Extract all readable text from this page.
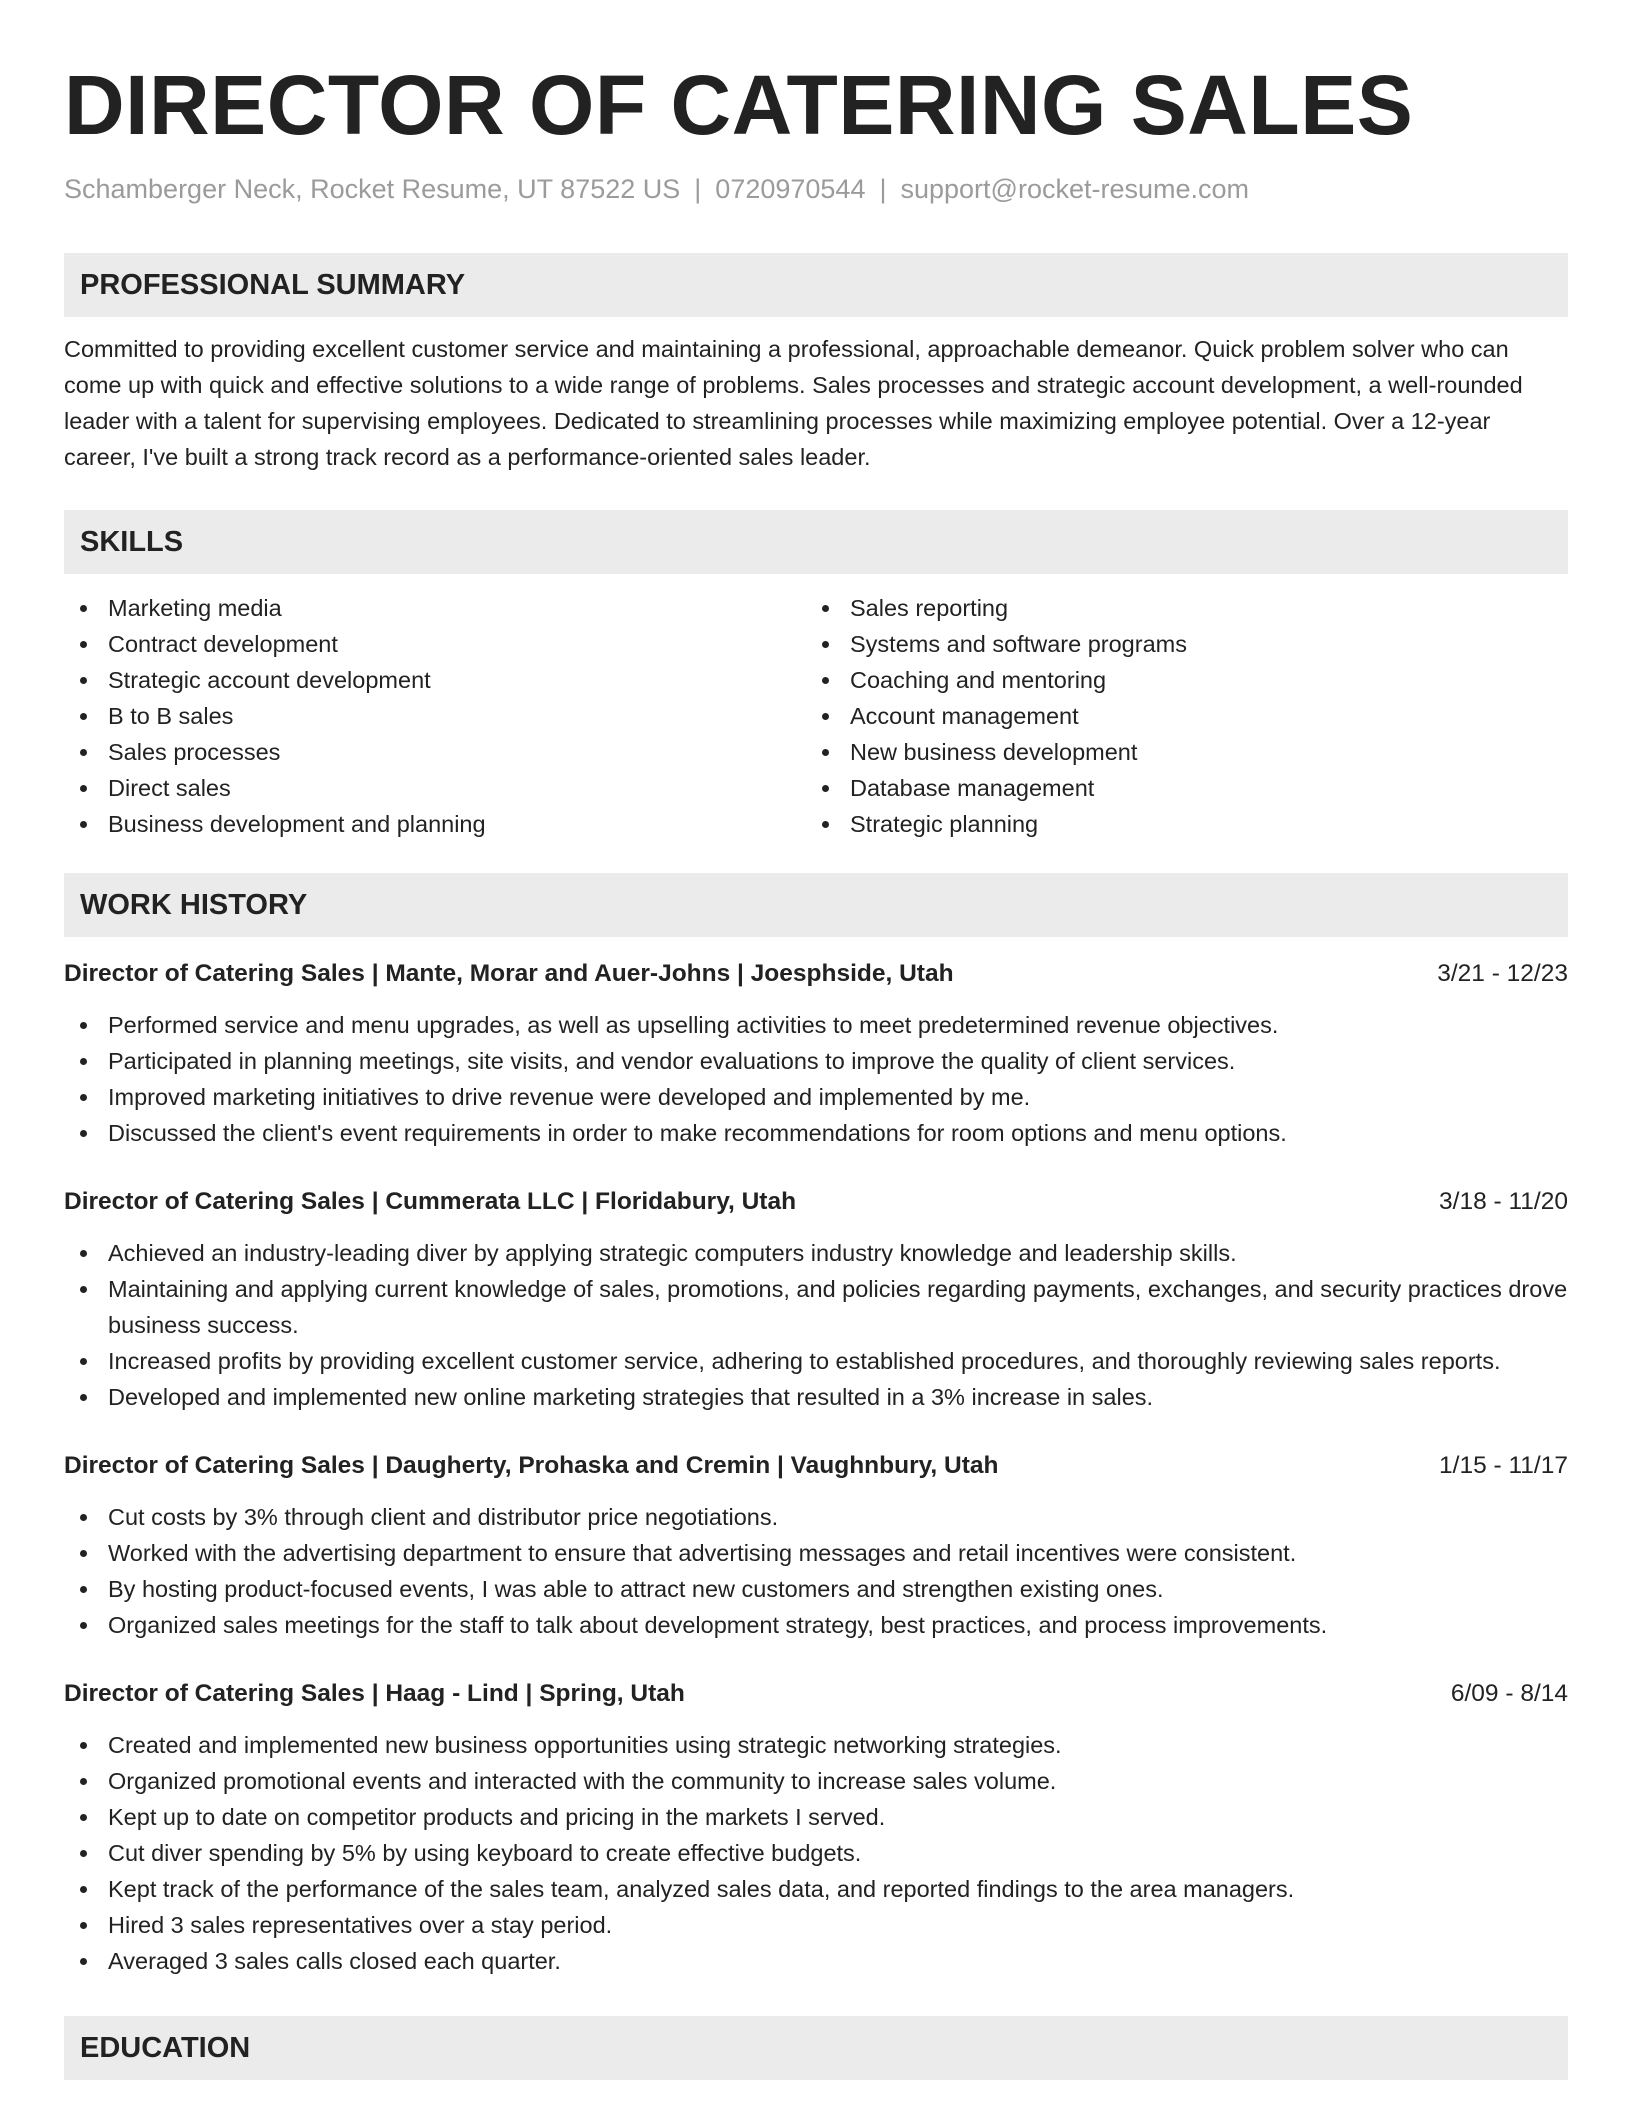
DIRECTOR OF CATERING SALES
Schamberger Neck, Rocket Resume, UT 87522 US | 0720970544 | support@rocket-resume.com
PROFESSIONAL SUMMARY

Committed to providing excellent customer service and maintaining a professional, approachable demeanor. Quick problem solver who can come up with quick and effective solutions to a wide range of problems. Sales processes and strategic account development, a well-rounded leader with a talent for supervising employees. Dedicated to streamlining processes while maximizing employee potential. Over a 12-year career, I've built a strong track record as a performance-oriented sales leader.

SKILLS
Marketing media
Contract development
Strategic account development
B to B sales
Sales processes
Direct sales
Business development and planning
Sales reporting
Systems and software programs
Coaching and mentoring
Account management
New business development
Database management
Strategic planning
WORK HISTORY
Director of Catering Sales | Mante, Morar and Auer-Johns | Joesphside, Utah	3/21 - 12/23
Performed service and menu upgrades, as well as upselling activities to meet predetermined revenue objectives.
Participated in planning meetings, site visits, and vendor evaluations to improve the quality of client services.
Improved marketing initiatives to drive revenue were developed and implemented by me.
Discussed the client's event requirements in order to make recommendations for room options and menu options.
Director of Catering Sales | Cummerata LLC | Floridabury, Utah	3/18 - 11/20
Achieved an industry-leading diver by applying strategic computers industry knowledge and leadership skills.
Maintaining and applying current knowledge of sales, promotions, and policies regarding payments, exchanges, and security practices drove business success.
Increased profits by providing excellent customer service, adhering to established procedures, and thoroughly reviewing sales reports.
Developed and implemented new online marketing strategies that resulted in a 3% increase in sales.
Director of Catering Sales | Daugherty, Prohaska and Cremin | Vaughnbury, Utah	1/15 - 11/17
Cut costs by 3% through client and distributor price negotiations.
Worked with the advertising department to ensure that advertising messages and retail incentives were consistent.
By hosting product-focused events, I was able to attract new customers and strengthen existing ones.
Organized sales meetings for the staff to talk about development strategy, best practices, and process improvements.
Director of Catering Sales | Haag - Lind | Spring, Utah	6/09 - 8/14
Created and implemented new business opportunities using strategic networking strategies.
Organized promotional events and interacted with the community to increase sales volume.
Kept up to date on competitor products and pricing in the markets I served.
Cut diver spending by 5% by using keyboard to create effective budgets.
Kept track of the performance of the sales team, analyzed sales data, and reported findings to the area managers.
Hired 3 sales representatives over a stay period.
Averaged 3 sales calls closed each quarter.
EDUCATION
